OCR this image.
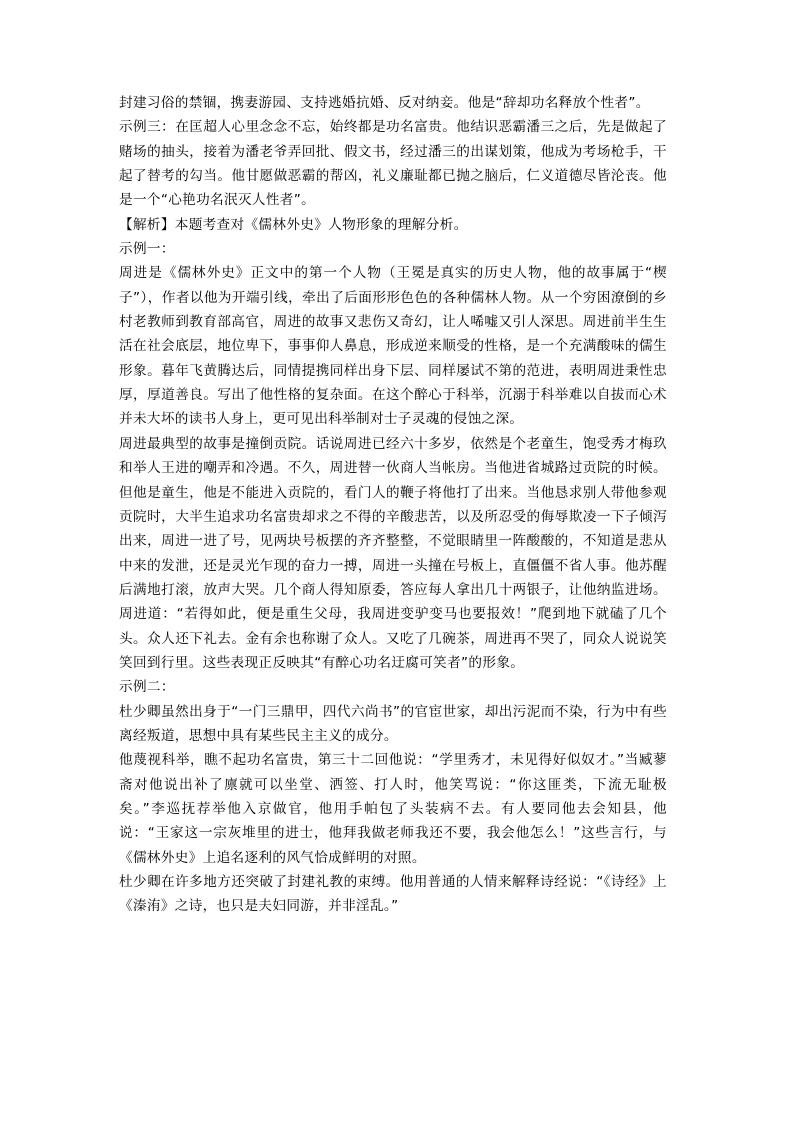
封建习俗的禁锢，携妻游园、支持逃婚抗婚、反对纳妾。他是“辞却功名释放个性者”。

示例三：在匡超人心里念念不忘，始终都是功名富贵。他结识恶霸潘三之后，先是做起了赌场的抽头，接着为潘老爷弄回批、假文书，经过潘三的出谋划策，他成为考场枪手，干起了替考的勾当。他甘愿做恶霸的帮凶，礼义廉耻都已抛之脑后，仁义道德尽皆沦丧。他是一个“心艳功名泯灭人性者”。

【解析】本题考查对《儒林外史》人物形象的理解分析。

示例一：

周进是《儒林外史》正文中的第一个人物（王冕是真实的历史人物，他的故事属于“楔子”），作者以他为开端引线，牵出了后面形形色色的各种儒林人物。从一个穷困潦倒的乡村老教师到教育部高官，周进的故事又悲伤又奇幻，让人唏嘘又引人深思。周进前半生生活在社会底层，地位卑下，事事仰人鼻息，形成逆来顺受的性格，是一个充满酸味的儒生形象。暮年飞黄腾达后，同情提携同样出身下层、同样屡试不第的范进，表明周进秉性忠厚，厚道善良。写出了他性格的复杂面。在这个醉心于科举，沉溺于科举难以自拔而心术并未大坏的读书人身上，更可见出科举制对士子灵魂的侵蚀之深。

周进最典型的故事是撞倒贡院。话说周进已经六十多岁，依然是个老童生，饱受秀才梅玖和举人王进的嘲弄和冷遇。不久，周进替一伙商人当帐房。当他进省城路过贡院的时候。但他是童生，他是不能进入贡院的，看门人的鞭子将他打了出来。当他恳求别人带他参观贡院时，大半生追求功名富贵却求之不得的辛酸悲苦，以及所忍受的侮辱欺凌一下子倾泻出来，周进一进了号，见两块号板摆的齐齐整整，不觉眼睛里一阵酸酸的，不知道是悲从中来的发泄，还是灵光乍现的奋力一搏，周进一头撞在号板上，直僵僵不省人事。他苏醒后满地打滚，放声大哭。几个商人得知原委，答应每人拿出几十两银子，让他纳监进场。周进道：“若得如此，便是重生父母，我周进变驴变马也要报效！”爬到地下就磕了几个头。众人还下礼去。金有余也称谢了众人。又吃了几碗茶，周进再不哭了，同众人说说笑笑回到行里。这些表现正反映其“有醉心功名迂腐可笑者”的形象。

示例二：

杜少卿虽然出身于“一门三鼎甲，四代六尚书”的官宦世家，却出污泥而不染，行为中有些离经叛道，思想中具有某些民主主义的成分。

他蔑视科举，瞧不起功名富贵，第三十二回他说：“学里秀才，未见得好似奴才。”当臧蓼斋对他说出补了廪就可以坐堂、洒签、打人时，他笑骂说：“你这匪类，下流无耻极矣。”李巡抚荐举他入京做官，他用手帕包了头装病不去。有人要同他去会知县，他说：“王家这一宗灰堆里的进士，他拜我做老师我还不要，我会他怎么！”这些言行，与《儒林外史》上追名逐利的风气恰成鲜明的对照。

杜少卿在许多地方还突破了封建礼教的束缚。他用普通的人情来解释诗经说：“《诗经》上《溱洧》之诗，也只是夫妇同游，并非淫乱。”
